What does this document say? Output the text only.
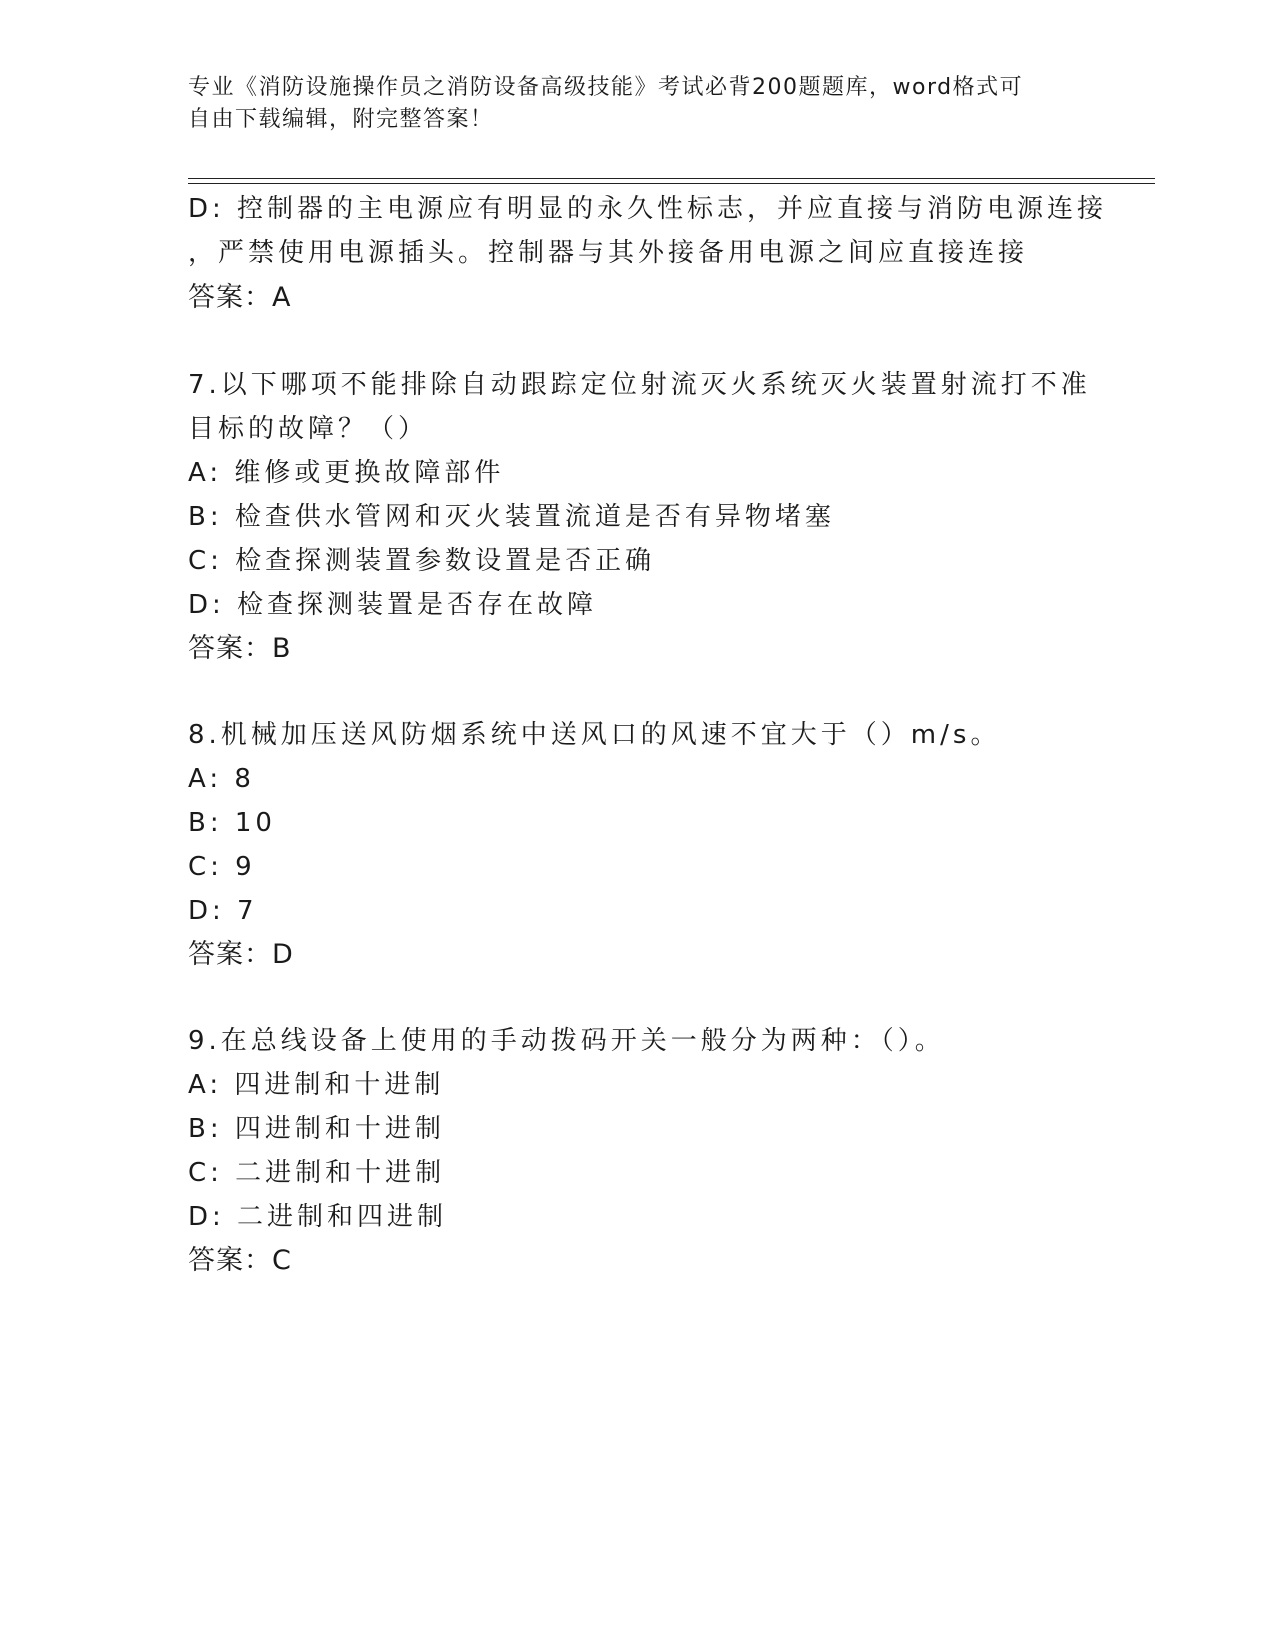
专业《消防设施操作员之消防设备高级技能》考试必背200题题库，word格式可
自由下载编辑，附完整答案！
D: 控制器的主电源应有明显的永久性标志，并应直接与消防电源连接
，严禁使用电源插头。控制器与其外接备用电源之间应直接连接
答案：A
7.以下哪项不能排除自动跟踪定位射流灭火系统灭火装置射流打不准
目标的故障？（）
A: 维修或更换故障部件
B: 检查供水管网和灭火装置流道是否有异物堵塞
C: 检查探测装置参数设置是否正确
D: 检查探测装置是否存在故障
答案：B
8.机械加压送风防烟系统中送风口的风速不宜大于（）m/s。
A: 8
B: 10
C: 9
D: 7
答案：D
9.在总线设备上使用的手动拨码开关一般分为两种：（）。
A: 四进制和十进制
B: 四进制和十进制
C: 二进制和十进制
D: 二进制和四进制
答案：C
